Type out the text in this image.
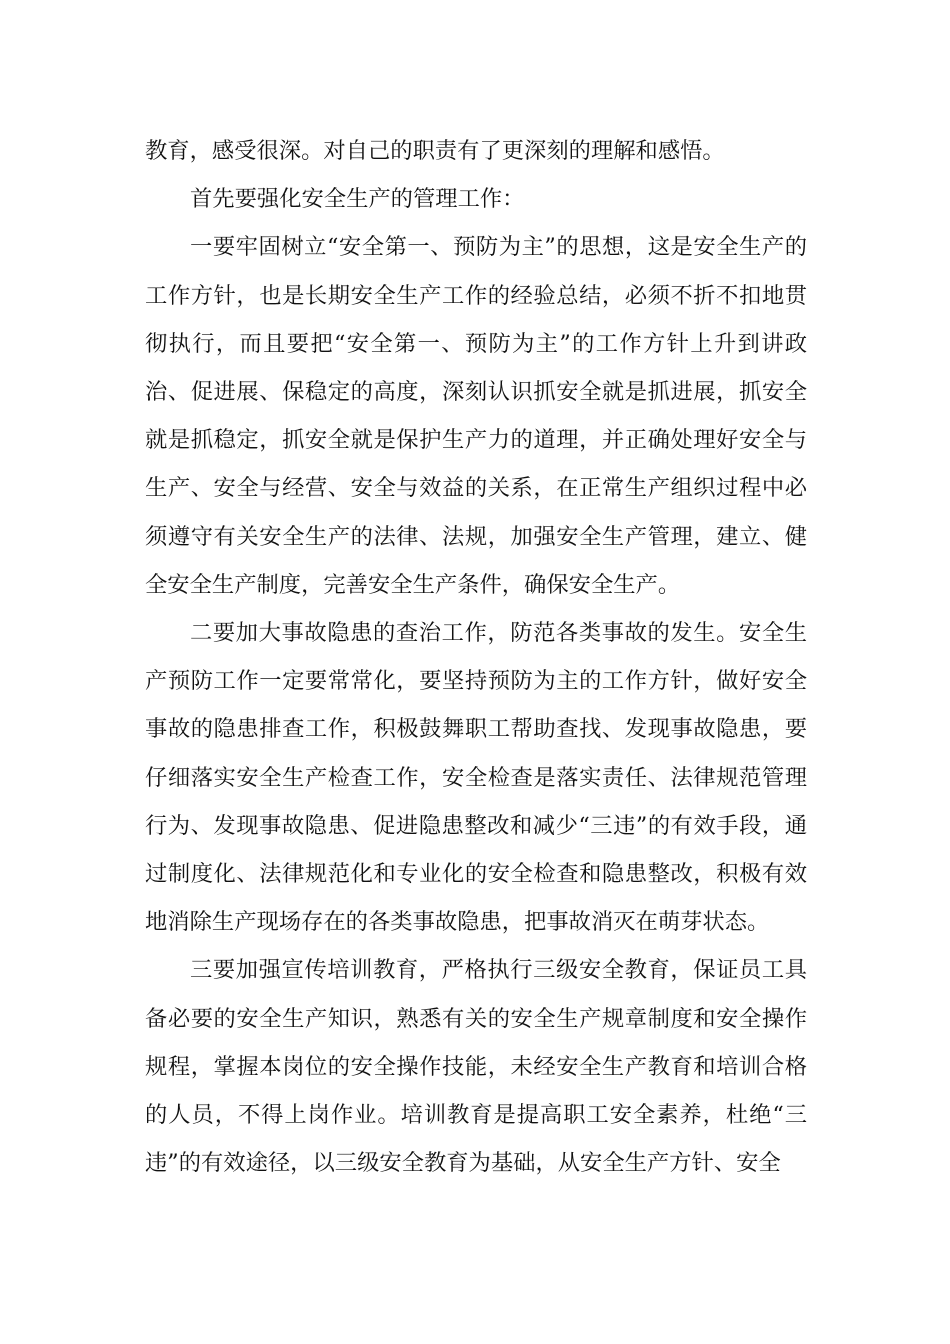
教育，感受很深。对自己的职责有了更深刻的理解和感悟。

首先要强化安全生产的管理工作：

一要牢固树立“安全第一、预防为主”的思想，这是安全生产的工作方针，也是长期安全生产工作的经验总结，必须不折不扣地贯彻执行，而且要把“安全第一、预防为主”的工作方针上升到讲政治、促进展、保稳定的高度，深刻认识抓安全就是抓进展，抓安全就是抓稳定，抓安全就是保护生产力的道理，并正确处理好安全与生产、安全与经营、安全与效益的关系，在正常生产组织过程中必须遵守有关安全生产的法律、法规，加强安全生产管理，建立、健全安全生产制度，完善安全生产条件，确保安全生产。

二要加大事故隐患的查治工作，防范各类事故的发生。安全生产预防工作一定要常常化，要坚持预防为主的工作方针，做好安全事故的隐患排查工作，积极鼓舞职工帮助查找、发现事故隐患，要仔细落实安全生产检查工作，安全检查是落实责任、法律规范管理行为、发现事故隐患、促进隐患整改和减少“三违”的有效手段，通过制度化、法律规范化和专业化的安全检查和隐患整改，积极有效地消除生产现场存在的各类事故隐患，把事故消灭在萌芽状态。

三要加强宣传培训教育，严格执行三级安全教育，保证员工具备必要的安全生产知识，熟悉有关的安全生产规章制度和安全操作规程，掌握本岗位的安全操作技能，未经安全生产教育和培训合格的人员，不得上岗作业。培训教育是提高职工安全素养，杜绝“三违”的有效途径，以三级安全教育为基础，从安全生产方针、安全
